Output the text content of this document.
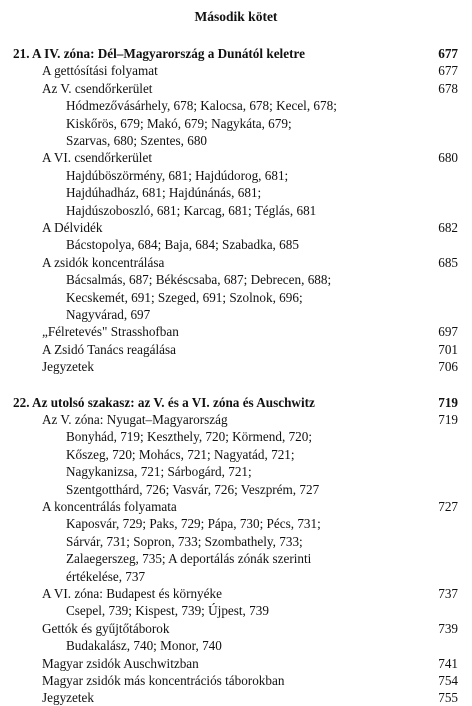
Második kötet
21. A IV. zóna: Dél–Magyarország a Dunától keletre	677
A gettósítási folyamat	677
Az V. csendőrkerület	678
Hódmezővásárhely, 678; Kalocsa, 678; Kecel, 678;
Kiskőrös, 679; Makó, 679; Nagykáta, 679;
Szarvas, 680; Szentes, 680
A VI. csendőrkerület	680
Hajdúböszörmény, 681; Hajdúdorog, 681;
Hajdúhadház, 681; Hajdúnánás, 681;
Hajdúszoboszló, 681; Karcag, 681; Téglás, 681
A Délvidék	682
Bácstopolya, 684; Baja, 684; Szabadka, 685
A zsidók koncentrálása	685
Bácsalmás, 687; Békéscsaba, 687; Debrecen, 688;
Kecskemét, 691; Szeged, 691; Szolnok, 696;
Nagyvárad, 697
„Félretevés" Strasshofban	697
A Zsidó Tanács reagálása	701
Jegyzetek	706
22. Az utolsó szakasz: az V. és a VI. zóna és Auschwitz	719
Az V. zóna: Nyugat–Magyarország	719
Bonyhád, 719; Keszthely, 720; Körmend, 720;
Kőszeg, 720; Mohács, 721; Nagyatád, 721;
Nagykanizsa, 721; Sárbogárd, 721;
Szentgotthárd, 726; Vasvár, 726; Veszprém, 727
A koncentrálás folyamata	727
Kaposvár, 729; Paks, 729; Pápa, 730; Pécs, 731;
Sárvár, 731; Sopron, 733; Szombathely, 733;
Zalaegerszeg, 735; A deportálás zónák szerinti
értékelése, 737
A VI. zóna: Budapest és környéke	737
Csepel, 739; Kispest, 739; Újpest, 739
Gettók és gyűjtőtáborok	739
Budakalász, 740; Monor, 740
Magyar zsidók Auschwitzban	741
Magyar zsidók más koncentrációs táborokban	754
Jegyzetek	755
